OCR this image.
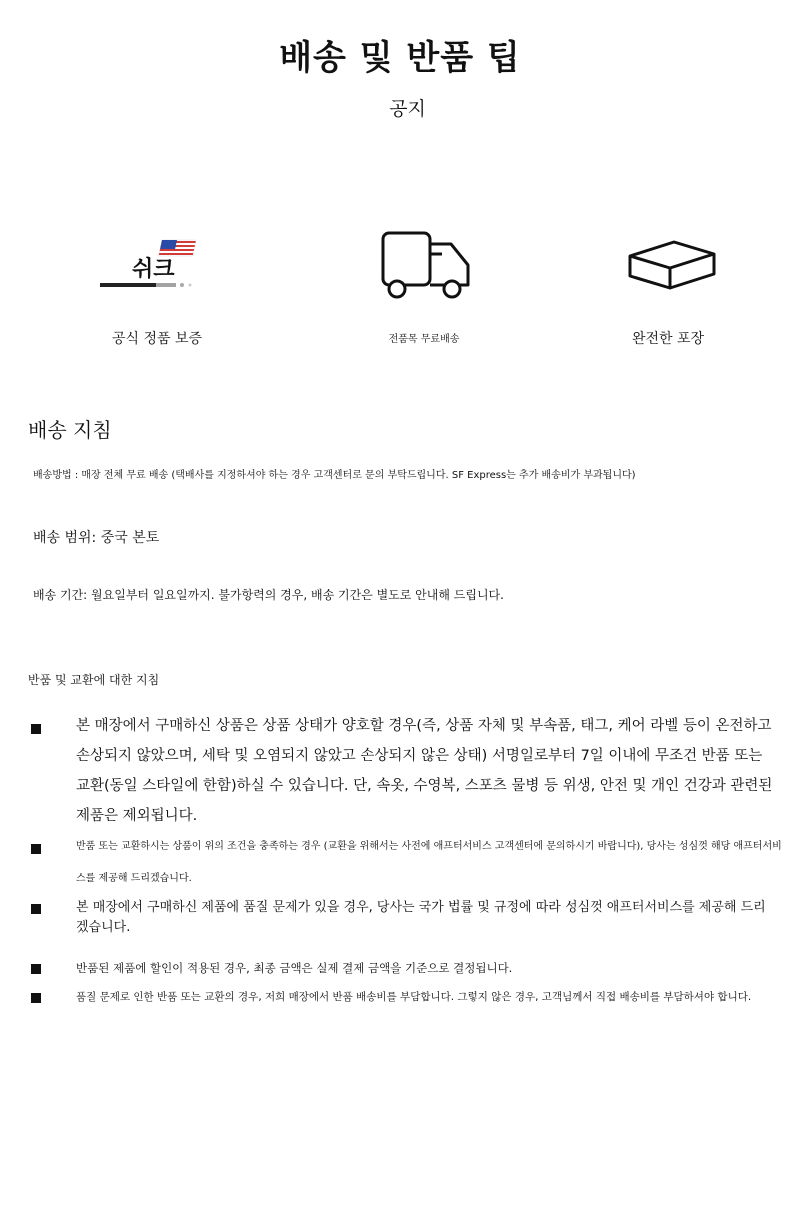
배송 및 반품 팁
공지
쉬크
공식 정품 보증	전품목 무료배송	완전한 포장
배송 지침
배송방법 : 매장 전체 무료 배송 (택배사를 지정하셔야 하는 경우 고객센터로 문의 부탁드립니다. SF Express는 추가 배송비가 부과됩니다)
배송 범위: 중국 본토
배송 기간: 월요일부터 일요일까지. 불가항력의 경우, 배송 기간은 별도로 안내해 드립니다.
반품 및 교환에 대한 지침
본 매장에서 구매하신 상품은 상품 상태가 양호할 경우(즉, 상품 자체 및 부속품, 태그, 케어 라벨 등이 온전하고 손상되지 않았으며, 세탁 및 오염되지 않았고 손상되지 않은 상태) 서명일로부터 7일 이내에 무조건 반품 또는 교환(동일 스타일에 한함)하실 수 있습니다. 단, 속옷, 수영복, 스포츠 물병 등 위생, 안전 및 개인 건강과 관련된 제품은 제외됩니다.
반품 또는 교환하시는 상품이 위의 조건을 충족하는 경우 (교환을 위해서는 사전에 애프터서비스 고객센터에 문의하시기 바랍니다), 당사는 성심껏 해당 애프터서비스를 제공해 드리겠습니다.
본 매장에서 구매하신 제품에 품질 문제가 있을 경우, 당사는 국가 법률 및 규정에 따라 성심껏 애프터서비스를 제공해 드리겠습니다.
반품된 제품에 할인이 적용된 경우, 최종 금액은 실제 결제 금액을 기준으로 결정됩니다.
품질 문제로 인한 반품 또는 교환의 경우, 저희 매장에서 반품 배송비를 부담합니다. 그렇지 않은 경우, 고객님께서 직접 배송비를 부담하셔야 합니다.
